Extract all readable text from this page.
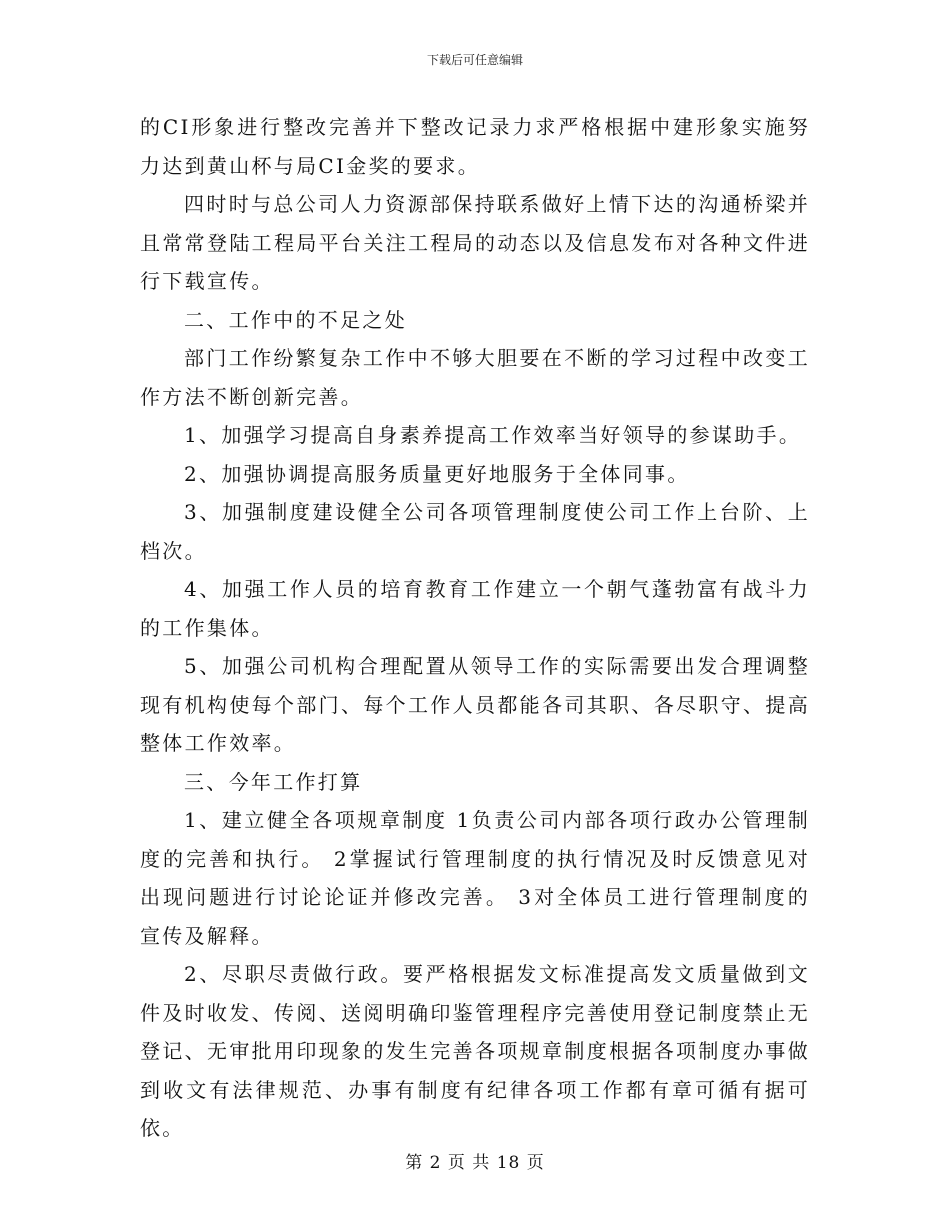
下载后可任意编辑

的CI形象进行整改完善并下整改记录力求严格根据中建形象实施努力达到黄山杯与局CI金奖的要求。

四时时与总公司人力资源部保持联系做好上情下达的沟通桥梁并且常常登陆工程局平台关注工程局的动态以及信息发布对各种文件进行下载宣传。

二、工作中的不足之处

部门工作纷繁复杂工作中不够大胆要在不断的学习过程中改变工作方法不断创新完善。

1、加强学习提高自身素养提高工作效率当好领导的参谋助手。

2、加强协调提高服务质量更好地服务于全体同事。

3、加强制度建设健全公司各项管理制度使公司工作上台阶、上档次。

4、加强工作人员的培育教育工作建立一个朝气蓬勃富有战斗力的工作集体。

5、加强公司机构合理配置从领导工作的实际需要出发合理调整现有机构使每个部门、每个工作人员都能各司其职、各尽职守、提高整体工作效率。

三、今年工作打算

1、建立健全各项规章制度 1负责公司内部各项行政办公管理制度的完善和执行。 2掌握试行管理制度的执行情况及时反馈意见对出现问题进行讨论论证并修改完善。 3对全体员工进行管理制度的宣传及解释。

2、尽职尽责做行政。要严格根据发文标准提高发文质量做到文件及时收发、传阅、送阅明确印鉴管理程序完善使用登记制度禁止无登记、无审批用印现象的发生完善各项规章制度根据各项制度办事做到收文有法律规范、办事有制度有纪律各项工作都有章可循有据可依。

第 2 页 共 18 页
